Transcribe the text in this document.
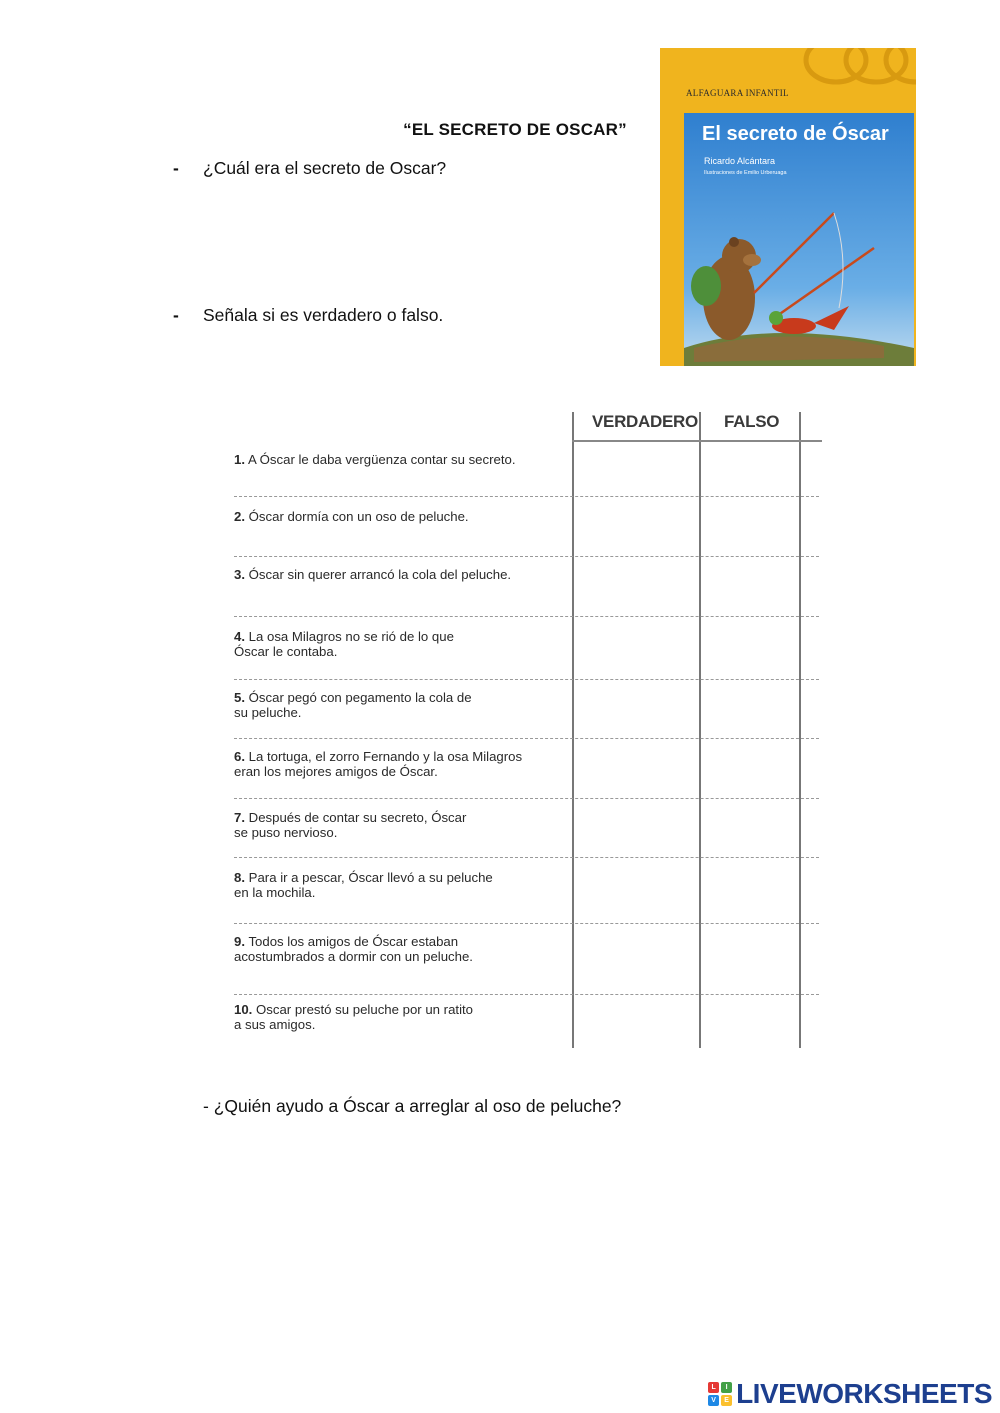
“EL SECRETO DE OSCAR”
- ¿Cuál era el secreto de Oscar?
- Señala si es verdadero o falso.
- ¿Quién ayudo a Óscar a arreglar al oso de peluche?
ALFAGUARA INFANTIL
El secreto de Óscar
Ricardo Alcántara
Ilustraciones de Emilio Urberuaga
VERDADERO FALSO
1. A Óscar le daba vergüenza contar su secreto.
2. Óscar dormía con un oso de peluche.
3. Óscar sin querer arrancó la cola del peluche.
4. La osa Milagros no se rió de lo que
Óscar le contaba.
5. Óscar pegó con pegamento la cola de
su peluche.
6. La tortuga, el zorro Fernando y la osa Milagros
eran los mejores amigos de Óscar.
7. Después de contar su secreto, Óscar
se puso nervioso.
8. Para ir a pescar, Óscar llevó a su peluche
en la mochila.
9. Todos los amigos de Óscar estaban
acostumbrados a dormir con un peluche.
10. Oscar prestó su peluche por un ratito
a sus amigos.
L	I
V	E LIVEWORKSHEETS
